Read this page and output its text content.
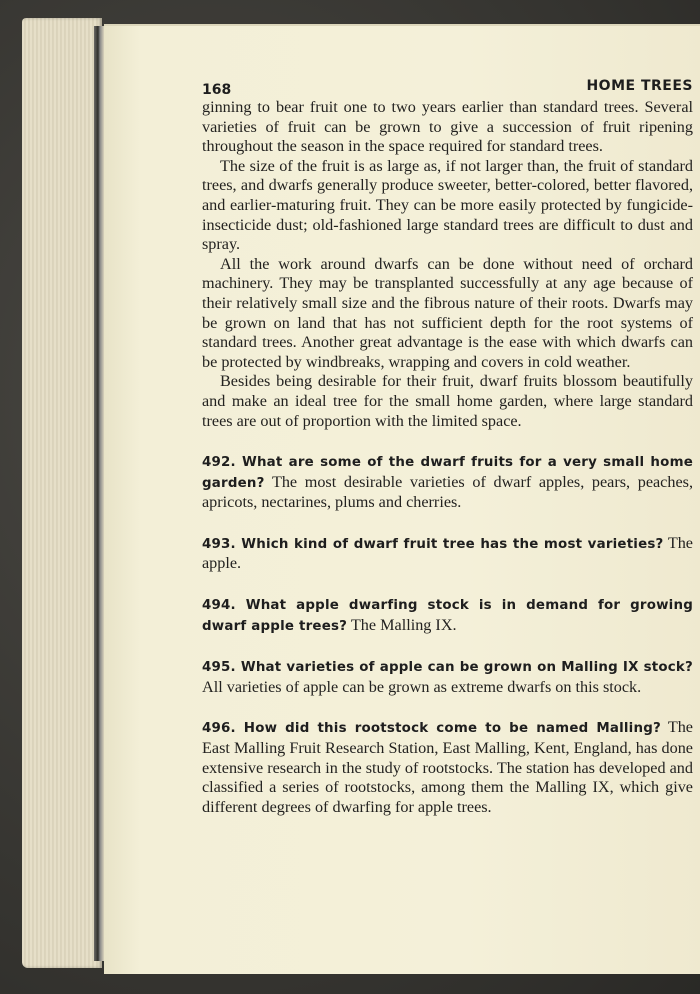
168	HOME TREES

ginning to bear fruit one to two years earlier than standard trees. Several varieties of fruit can be grown to give a succession of fruit ripening throughout the season in the space required for standard trees.

The size of the fruit is as large as, if not larger than, the fruit of standard trees, and dwarfs generally produce sweeter, better-colored, better flavored, and earlier-maturing fruit. They can be more easily protected by fungicide-insecticide dust; old-fashioned large standard trees are difficult to dust and spray.

All the work around dwarfs can be done without need of orchard machinery. They may be transplanted successfully at any age because of their relatively small size and the fibrous nature of their roots. Dwarfs may be grown on land that has not sufficient depth for the root systems of standard trees. Another great advantage is the ease with which dwarfs can be protected by windbreaks, wrapping and covers in cold weather.

Besides being desirable for their fruit, dwarf fruits blossom beautifully and make an ideal tree for the small home garden, where large standard trees are out of proportion with the limited space.

492. What are some of the dwarf fruits for a very small home garden? The most desirable varieties of dwarf apples, pears, peaches, apricots, nectarines, plums and cherries.

493. Which kind of dwarf fruit tree has the most varieties? The apple.

494. What apple dwarfing stock is in demand for growing dwarf apple trees? The Malling IX.

495. What varieties of apple can be grown on Malling IX stock? All varieties of apple can be grown as extreme dwarfs on this stock.

496. How did this rootstock come to be named Malling? The East Malling Fruit Research Station, East Malling, Kent, England, has done extensive research in the study of rootstocks. The station has developed and classified a series of rootstocks, among them the Malling IX, which give different degrees of dwarfing for apple trees.
